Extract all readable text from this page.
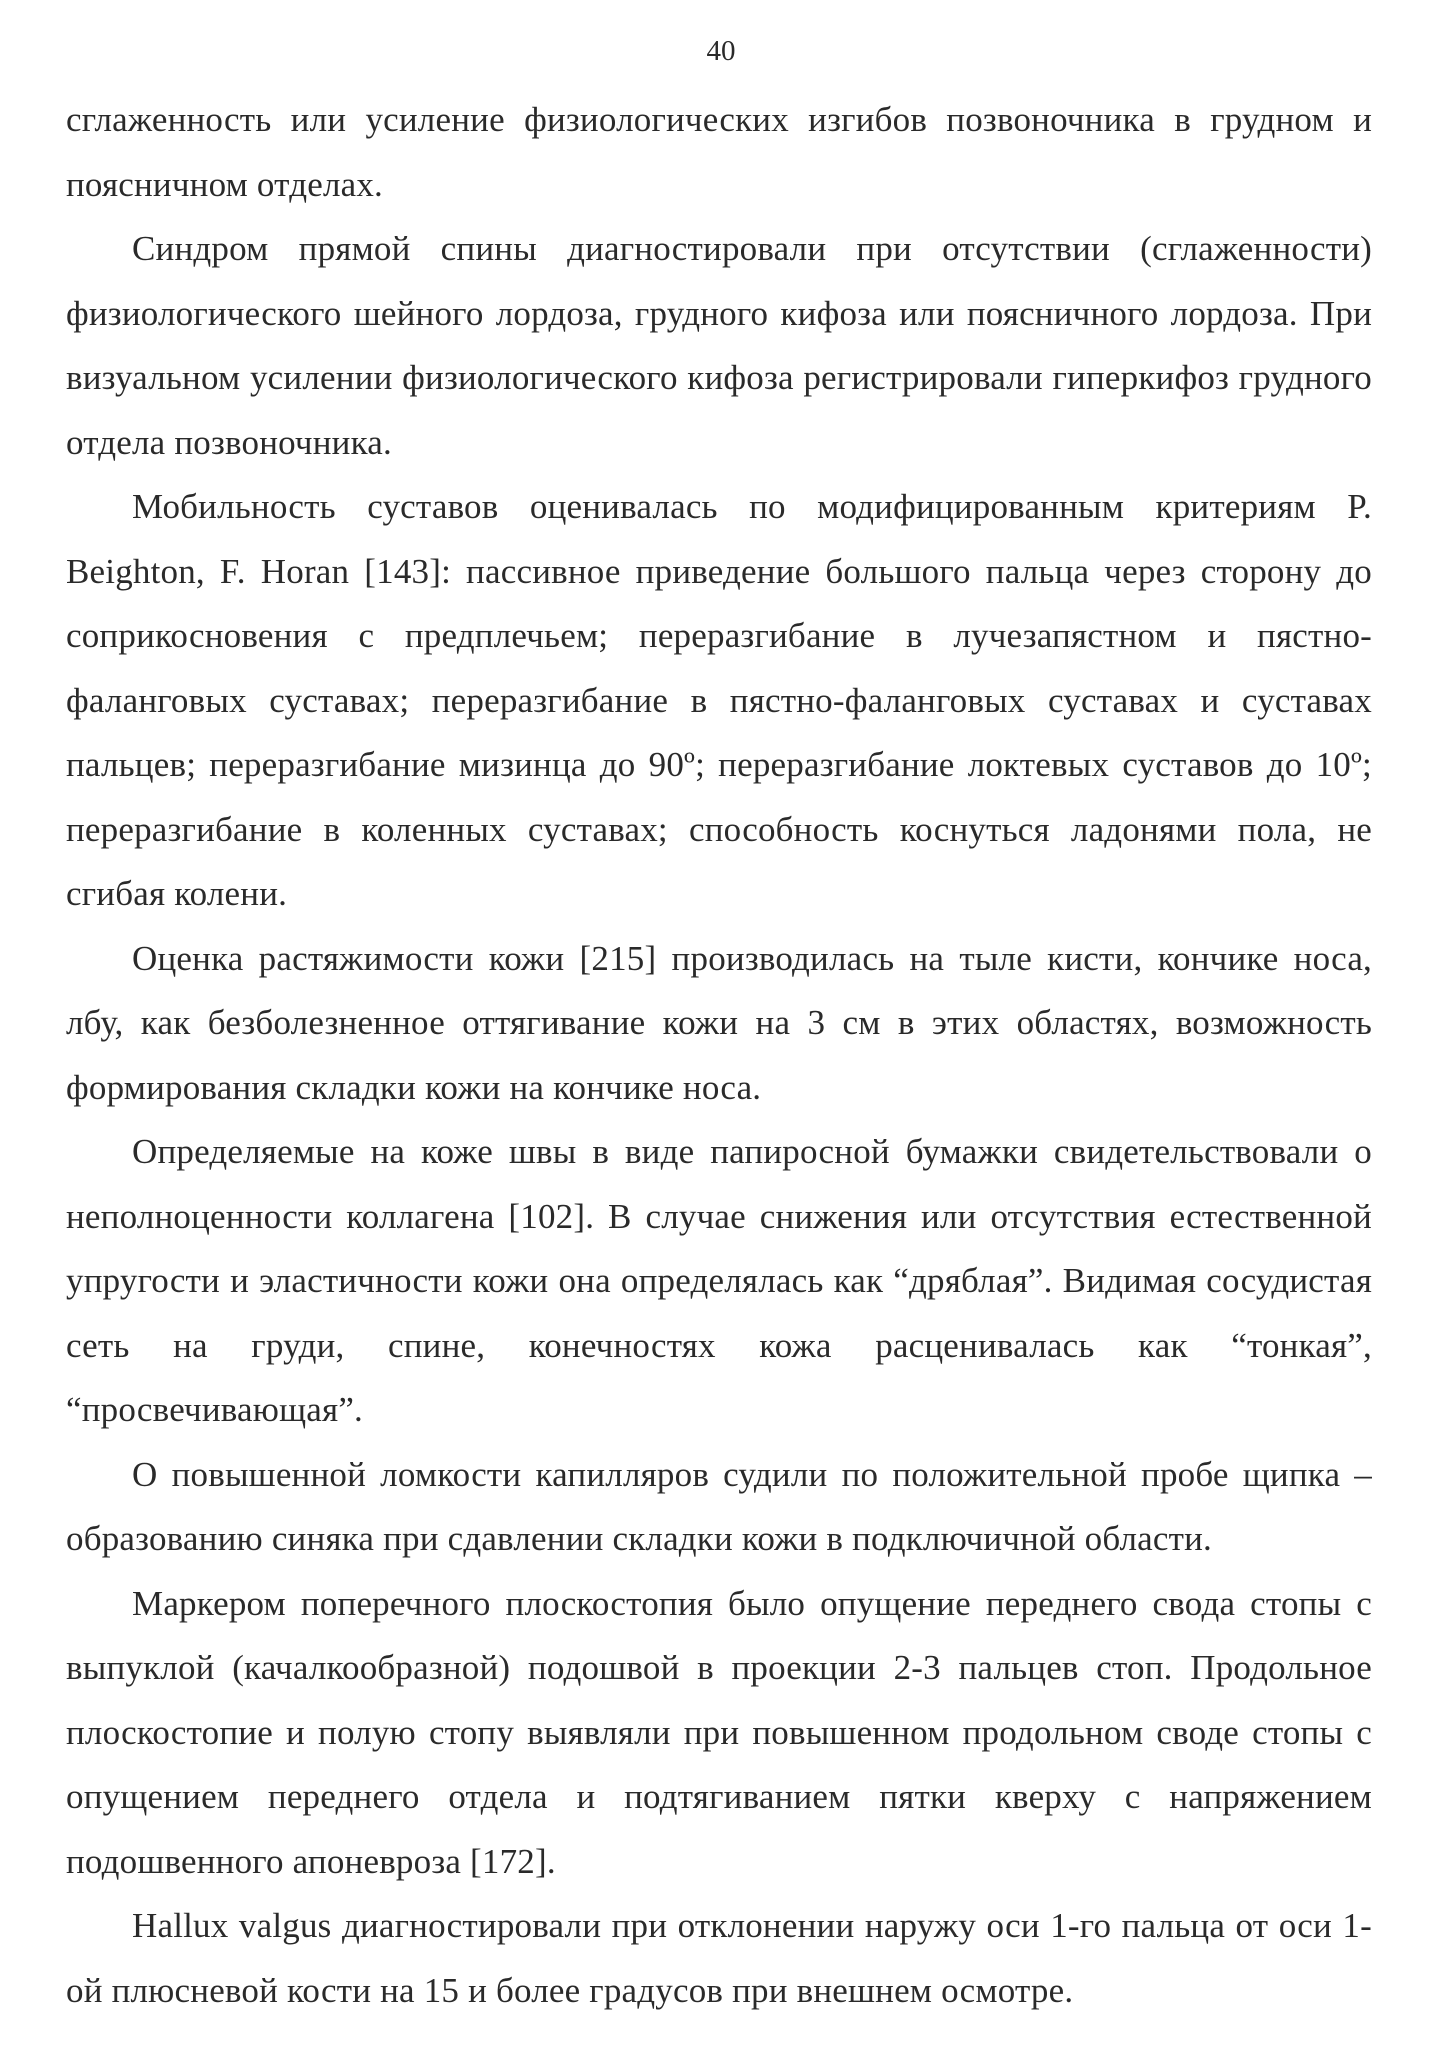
40

сглаженность или усиление физиологических изгибов позвоночника в грудном и поясничном отделах.

Синдром прямой спины диагностировали при отсутствии (сглаженности) физиологического шейного лордоза, грудного кифоза или поясничного лордоза. При визуальном усилении физиологического кифоза регистрировали гиперкифоз грудного отдела позвоночника.

Мобильность суставов оценивалась по модифицированным критериям P. Beighton, F. Horan [143]: пассивное приведение большого пальца через сторону до соприкосновения с предплечьем; переразгибание в лучезапястном и пястно-фаланговых суставах; переразгибание в пястно-фаланговых суставах и суставах пальцев; переразгибание мизинца до 90º; переразгибание локтевых суставов до 10º; переразгибание в коленных суставах; способность коснуться ладонями пола, не сгибая колени.

Оценка растяжимости кожи [215] производилась на тыле кисти, кончике носа, лбу, как безболезненное оттягивание кожи на 3 см в этих областях, возможность формирования складки кожи на кончике носа.

Определяемые на коже швы в виде папиросной бумажки свидетельствовали о неполноценности коллагена [102]. В случае снижения или отсутствия естественной упругости и эластичности кожи она определялась как “дряблая”. Видимая сосудистая сеть на груди, спине, конечностях кожа расценивалась как “тонкая”, “просвечивающая”.

О повышенной ломкости капилляров судили по положительной пробе щипка – образованию синяка при сдавлении складки кожи в подключичной области.

Маркером поперечного плоскостопия было опущение переднего свода стопы с выпуклой (качалкообразной) подошвой в проекции 2-3 пальцев стоп. Продольное плоскостопие и полую стопу выявляли при повышенном продольном своде стопы с опущением переднего отдела и подтягиванием пятки кверху с напряжением подошвенного апоневроза [172].

Hallux valgus диагностировали при отклонении наружу оси 1-го пальца от оси 1-ой плюсневой кости на 15 и более градусов при внешнем осмотре.
